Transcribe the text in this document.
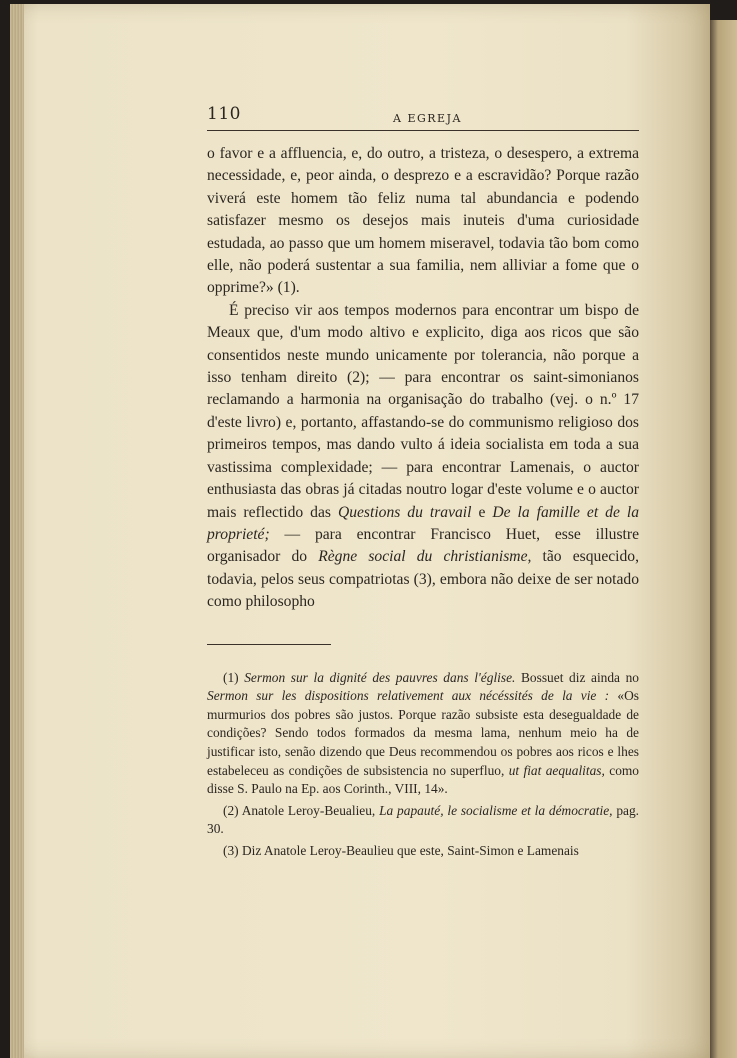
110	A EGREJA

o favor e a affluencia, e, do outro, a tristeza, o desespero, a extrema necessidade, e, peor ainda, o desprezo e a escravidão? Porque razão viverá este homem tão feliz numa tal abundancia e podendo satisfazer mesmo os desejos mais inuteis d'uma curiosidade estudada, ao passo que um homem miseravel, todavia tão bom como elle, não poderá sustentar a sua familia, nem alliviar a fome que o opprime?» (1).

É preciso vir aos tempos modernos para encontrar um bispo de Meaux que, d'um modo altivo e explicito, diga aos ricos que são consentidos neste mundo unicamente por tolerancia, não porque a isso tenham direito (2); — para encontrar os saint-simonianos reclamando a harmonia na organisação do trabalho (vej. o n.º 17 d'este livro) e, portanto, affastando-se do communismo religioso dos primeiros tempos, mas dando vulto á ideia socialista em toda a sua vastissima complexidade; — para encontrar Lamenais, o auctor enthusiasta das obras já citadas noutro logar d'este volume e o auctor mais reflectido das Questions du travail e De la famille et de la proprieté; — para encontrar Francisco Huet, esse illustre organisador do Règne social du christianisme, tão esquecido, todavia, pelos seus compatriotas (3), embora não deixe de ser notado como philosopho

(1) Sermon sur la dignité des pauvres dans l'église. Bossuet diz ainda no Sermon sur les dispositions relativement aux nécéssités de la vie : «Os murmurios dos pobres são justos. Porque razão subsiste esta desegualdade de condições? Sendo todos formados da mesma lama, nenhum meio ha de justificar isto, senão dizendo que Deus recommendou os pobres aos ricos e lhes estabeleceu as condições de subsistencia no superfluo, ut fiat aequalitas, como disse S. Paulo na Ep. aos Corinth., VIII, 14».

(2) Anatole Leroy-Beualieu, La papauté, le socialisme et la démocratie, pag. 30.

(3) Diz Anatole Leroy-Beaulieu que este, Saint-Simon e Lamenais
